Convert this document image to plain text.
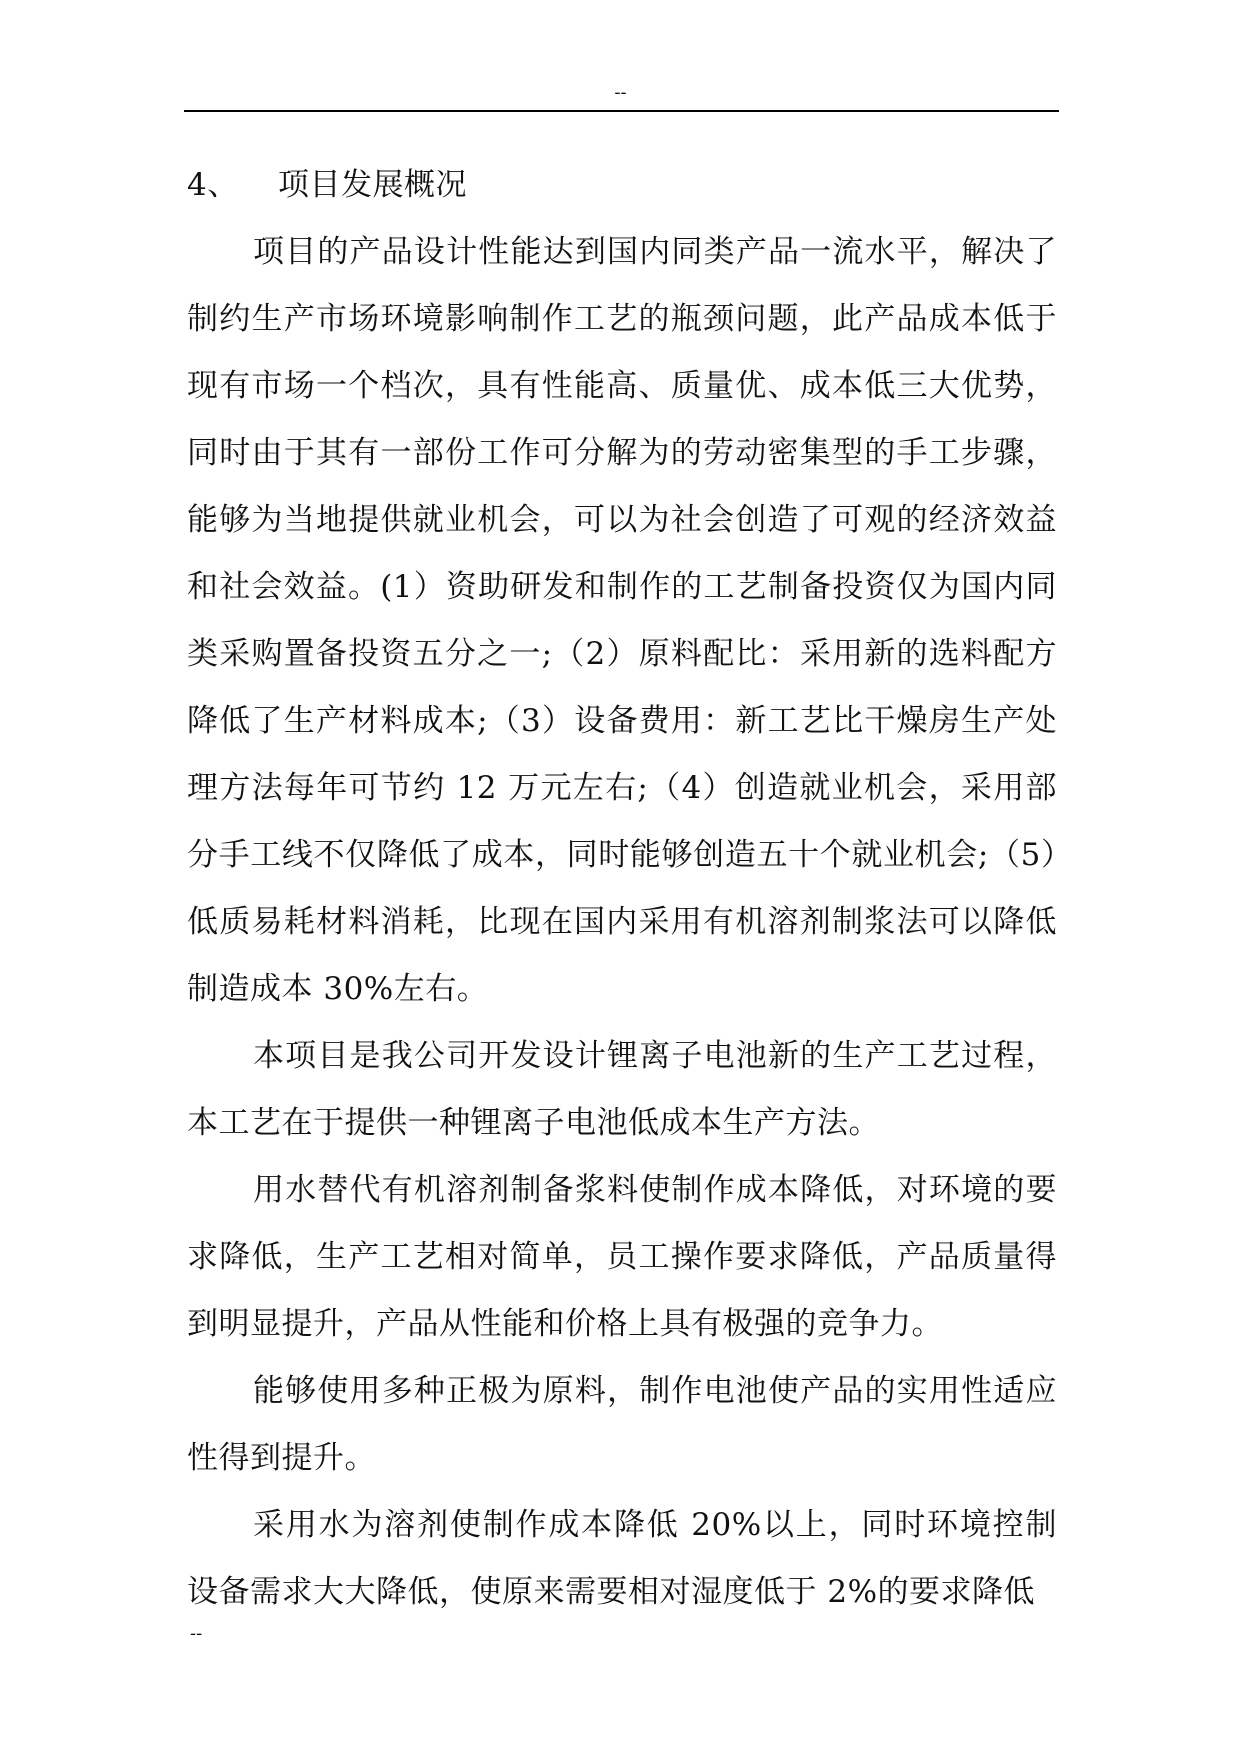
--

4、 项目发展概况

项目的产品设计性能达到国内同类产品一流水平，解决了制约生产市场环境影响制作工艺的瓶颈问题，此产品成本低于现有市场一个档次，具有性能高、质量优、成本低三大优势，同时由于其有一部份工作可分解为的劳动密集型的手工步骤，能够为当地提供就业机会，可以为社会创造了可观的经济效益和社会效益。(1）资助研发和制作的工艺制备投资仅为国内同类采购置备投资五分之一;（2）原料配比：采用新的选料配方降低了生产材料成本;（3）设备费用：新工艺比干燥房生产处理方法每年可节约 12 万元左右;（4）创造就业机会，采用部分手工线不仅降低了成本，同时能够创造五十个就业机会;（5）低质易耗材料消耗，比现在国内采用有机溶剂制浆法可以降低制造成本 30%左右。

本项目是我公司开发设计锂离子电池新的生产工艺过程，本工艺在于提供一种锂离子电池低成本生产方法。

用水替代有机溶剂制备浆料使制作成本降低，对环境的要求降低，生产工艺相对简单，员工操作要求降低，产品质量得到明显提升，产品从性能和价格上具有极强的竞争力。

能够使用多种正极为原料，制作电池使产品的实用性适应性得到提升。

采用水为溶剂使制作成本降低 20%以上，同时环境控制设备需求大大降低，使原来需要相对湿度低于 2%的要求降低

--
